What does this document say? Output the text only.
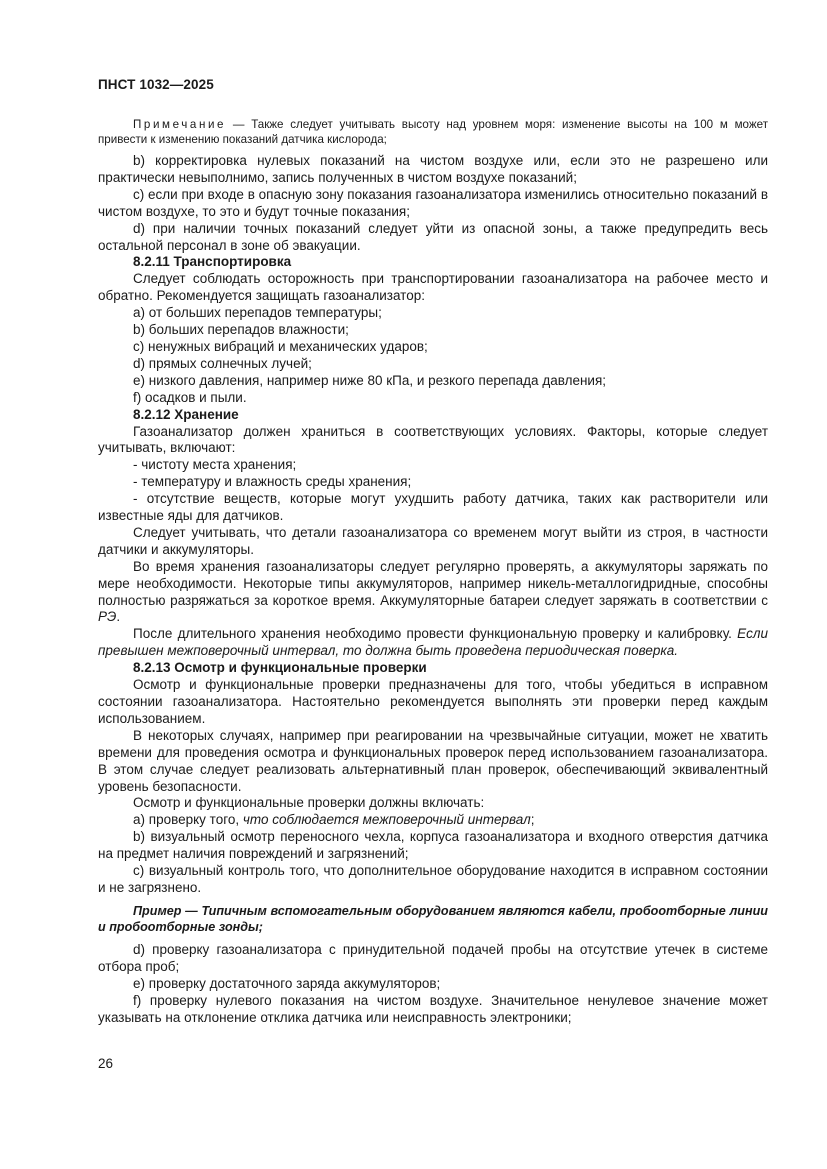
ПНСТ 1032—2025

Примечание — Также следует учитывать высоту над уровнем моря: изменение высоты на 100 м может привести к изменению показаний датчика кислорода;

b) корректировка нулевых показаний на чистом воздухе или, если это не разрешено или практически невыполнимо, запись полученных в чистом воздухе показаний;

c) если при входе в опасную зону показания газоанализатора изменились относительно показаний в чистом воздухе, то это и будут точные показания;

d) при наличии точных показаний следует уйти из опасной зоны, а также предупредить весь остальной персонал в зоне об эвакуации.

8.2.11 Транспортировка

Следует соблюдать осторожность при транспортировании газоанализатора на рабочее место и обратно. Рекомендуется защищать газоанализатор:

a) от больших перепадов температуры;

b) больших перепадов влажности;

c) ненужных вибраций и механических ударов;

d) прямых солнечных лучей;

e) низкого давления, например ниже 80 кПа, и резкого перепада давления;

f) осадков и пыли.

8.2.12 Хранение

Газоанализатор должен храниться в соответствующих условиях. Факторы, которые следует учитывать, включают:

- чистоту места хранения;

- температуру и влажность среды хранения;

- отсутствие веществ, которые могут ухудшить работу датчика, таких как растворители или известные яды для датчиков.

Следует учитывать, что детали газоанализатора со временем могут выйти из строя, в частности датчики и аккумуляторы.

Во время хранения газоанализаторы следует регулярно проверять, а аккумуляторы заряжать по мере необходимости. Некоторые типы аккумуляторов, например никель-металлогидридные, способны полностью разряжаться за короткое время. Аккумуляторные батареи следует заряжать в соответствии с РЭ.

После длительного хранения необходимо провести функциональную проверку и калибровку. Если превышен межповерочный интервал, то должна быть проведена периодическая поверка.

8.2.13 Осмотр и функциональные проверки

Осмотр и функциональные проверки предназначены для того, чтобы убедиться в исправном состоянии газоанализатора. Настоятельно рекомендуется выполнять эти проверки перед каждым использованием.

В некоторых случаях, например при реагировании на чрезвычайные ситуации, может не хватить времени для проведения осмотра и функциональных проверок перед использованием газоанализатора. В этом случае следует реализовать альтернативный план проверок, обеспечивающий эквивалентный уровень безопасности.

Осмотр и функциональные проверки должны включать:

a) проверку того, что соблюдается межповерочный интервал;

b) визуальный осмотр переносного чехла, корпуса газоанализатора и входного отверстия датчика на предмет наличия повреждений и загрязнений;

c) визуальный контроль того, что дополнительное оборудование находится в исправном состоянии и не загрязнено.

Пример — Типичным вспомогательным оборудованием являются кабели, пробоотборные линии и пробоотборные зонды;

d) проверку газоанализатора с принудительной подачей пробы на отсутствие утечек в системе отбора проб;

e) проверку достаточного заряда аккумуляторов;

f) проверку нулевого показания на чистом воздухе. Значительное ненулевое значение может указывать на отклонение отклика датчика или неисправность электроники;

26
